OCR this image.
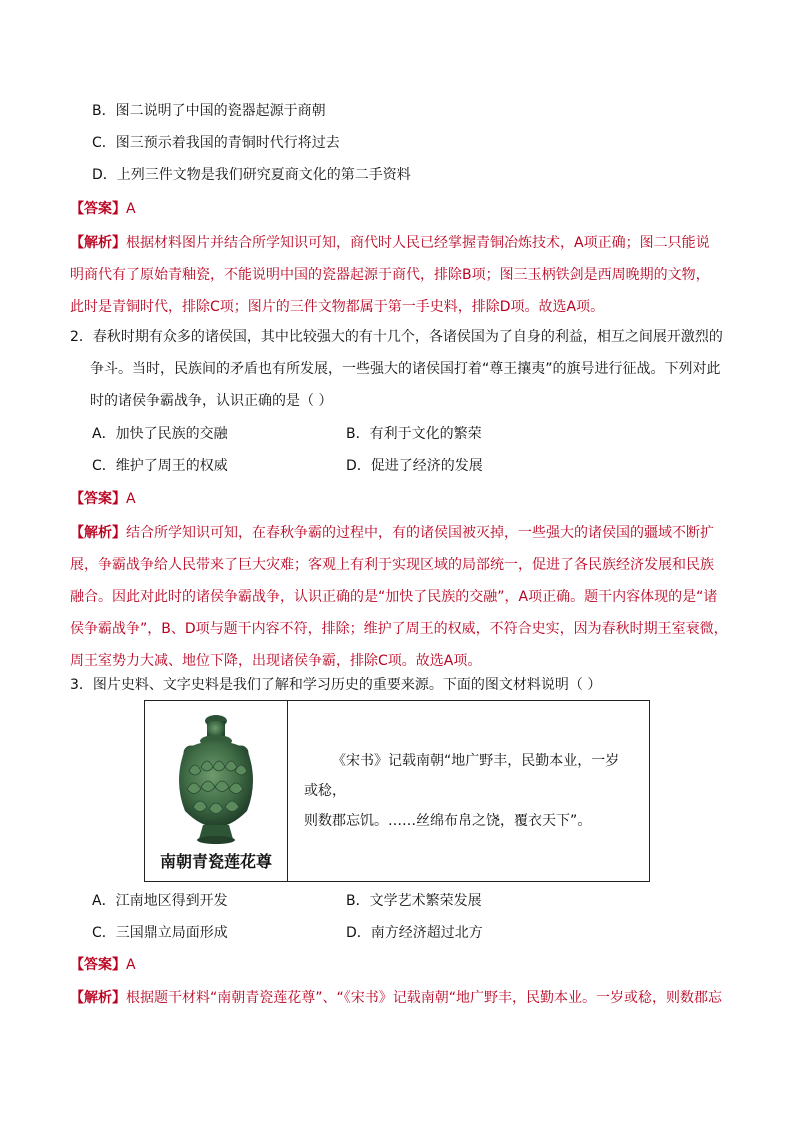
B．图二说明了中国的瓷器起源于商朝
C．图三预示着我国的青铜时代行将过去
D．上列三件文物是我们研究夏商文化的第二手资料
【答案】A
【解析】根据材料图片并结合所学知识可知，商代时人民已经掌握青铜冶炼技术，A项正确；图二只能说
明商代有了原始青釉瓷，不能说明中国的瓷器起源于商代，排除B项；图三玉柄铁剑是西周晚期的文物，
此时是青铜时代，排除C项；图片的三件文物都属于第一手史料，排除D项。故选A项。
2．春秋时期有众多的诸侯国，其中比较强大的有十几个，各诸侯国为了自身的利益，相互之间展开激烈的
争斗。当时，民族间的矛盾也有所发展，一些强大的诸侯国打着“尊王攘夷”的旗号进行征战。下列对此
时的诸侯争霸战争，认识正确的是（ ）
A．加快了民族的交融	B．有利于文化的繁荣
C．维护了周王的权威	D．促进了经济的发展
【答案】A
【解析】结合所学知识可知，在春秋争霸的过程中，有的诸侯国被灭掉，一些强大的诸侯国的疆域不断扩
展，争霸战争给人民带来了巨大灾难；客观上有利于实现区域的局部统一，促进了各民族经济发展和民族
融合。因此对此时的诸侯争霸战争，认识正确的是“加快了民族的交融”，A项正确。题干内容体现的是“诸
侯争霸战争”，B、D项与题干内容不符，排除；维护了周王的权威，不符合史实，因为春秋时期王室衰微，
周王室势力大减、地位下降，出现诸侯争霸，排除C项。故选A项。
3．图片史料、文字史料是我们了解和学习历史的重要来源。下面的图文材料说明（ ）
南朝青瓷莲花尊
《宋书》记载南朝“地广野丰，民勤本业，一岁或稔，
则数郡忘饥。……丝绵布帛之饶，覆衣天下”。
A．江南地区得到开发	B．文学艺术繁荣发展
C．三国鼎立局面形成	D．南方经济超过北方
【答案】A
【解析】根据题干材料“南朝青瓷莲花尊”、“《宋书》记载南朝“地广野丰，民勤本业。一岁或稔，则数郡忘
